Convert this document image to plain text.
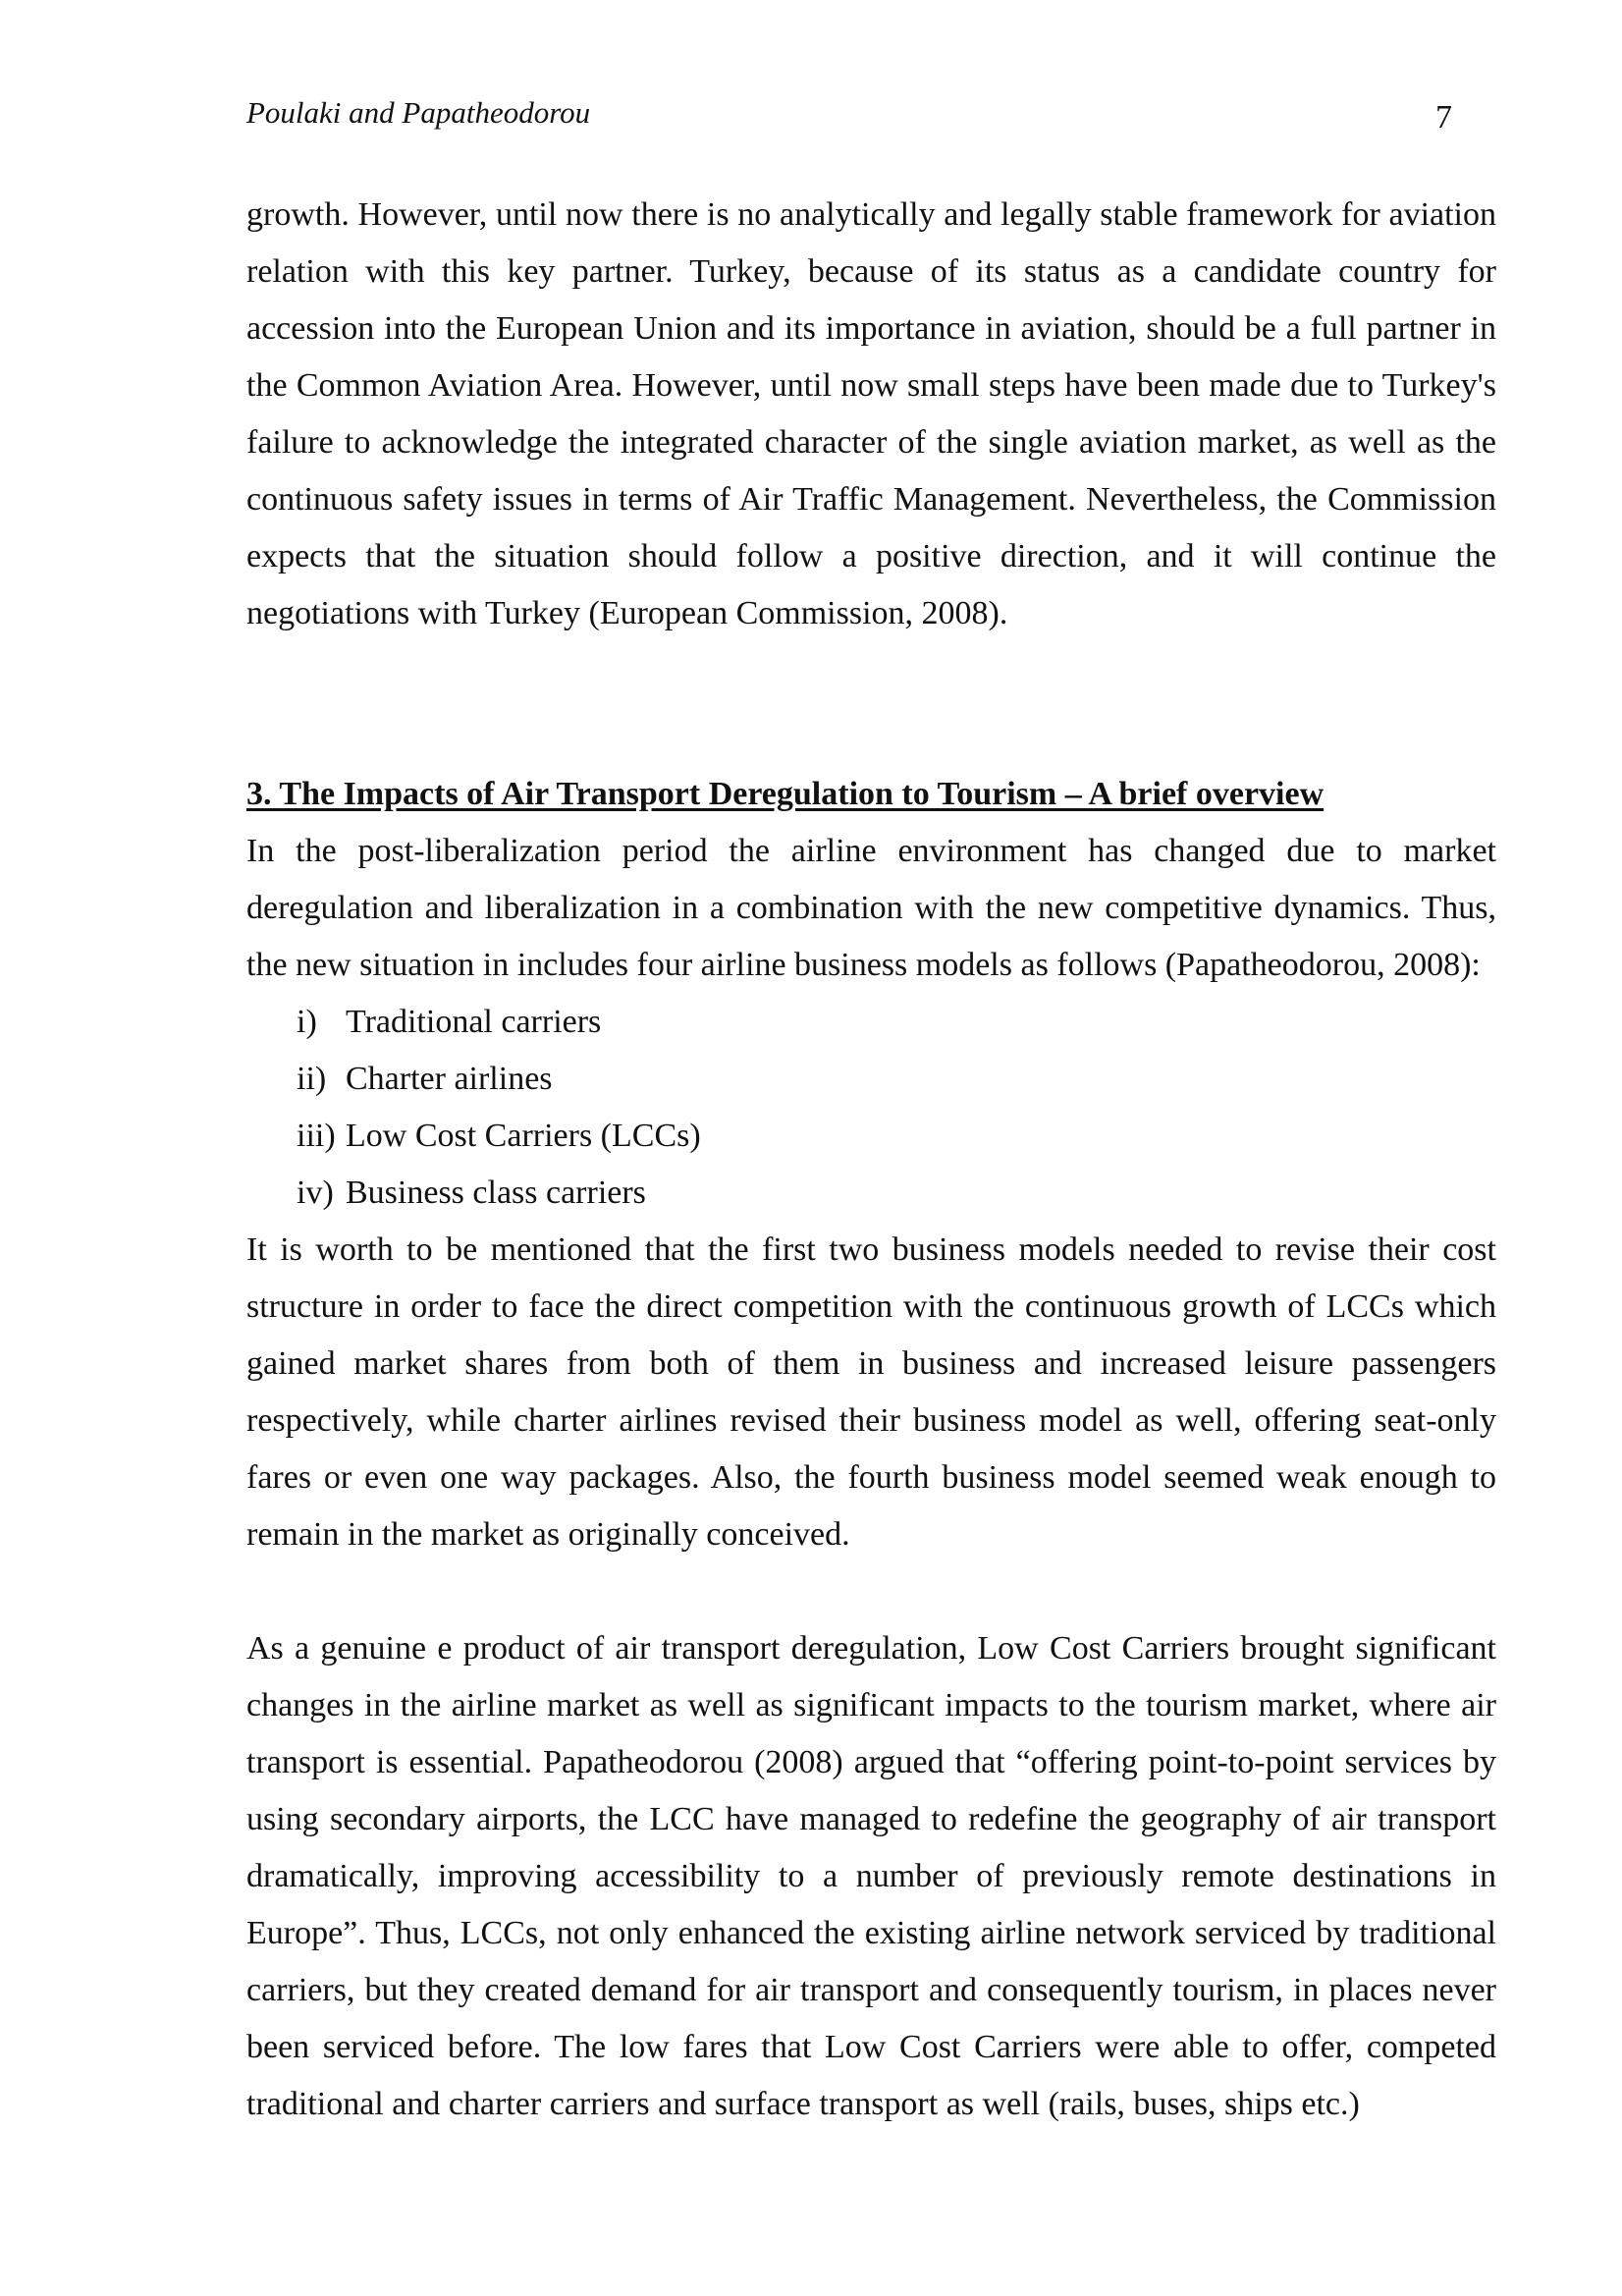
Poulaki and Papatheodorou	7

growth. However, until now there is no analytically and legally stable framework for aviation relation with this key partner. Turkey, because of its status as a candidate country for accession into the European Union and its importance in aviation, should be a full partner in the Common Aviation Area. However, until now small steps have been made due to Turkey's failure to acknowledge the integrated character of the single aviation market, as well as the continuous safety issues in terms of Air Traffic Management. Nevertheless, the Commission expects that the situation should follow a positive direction, and it will continue the negotiations with Turkey (European Commission, 2008).

3. The Impacts of Air Transport Deregulation to Tourism – A brief overview

In the post-liberalization period the airline environment has changed due to market deregulation and liberalization in a combination with the new competitive dynamics. Thus, the new situation in includes four airline business models as follows (Papatheodorou, 2008):

i) Traditional carriers
ii) Charter airlines
iii) Low Cost Carriers (LCCs)
iv) Business class carriers

It is worth to be mentioned that the first two business models needed to revise their cost structure in order to face the direct competition with the continuous growth of LCCs which gained market shares from both of them in business and increased leisure passengers respectively, while charter airlines revised their business model as well, offering seat-only fares or even one way packages. Also, the fourth business model seemed weak enough to remain in the market as originally conceived.

As a genuine e product of air transport deregulation, Low Cost Carriers brought significant changes in the airline market as well as significant impacts to the tourism market, where air transport is essential. Papatheodorou (2008) argued that “offering point-to-point services by using secondary airports, the LCC have managed to redefine the geography of air transport dramatically, improving accessibility to a number of previously remote destinations in Europe”. Thus, LCCs, not only enhanced the existing airline network serviced by traditional carriers, but they created demand for air transport and consequently tourism, in places never been serviced before. The low fares that Low Cost Carriers were able to offer, competed traditional and charter carriers and surface transport as well (rails, buses, ships etc.)
